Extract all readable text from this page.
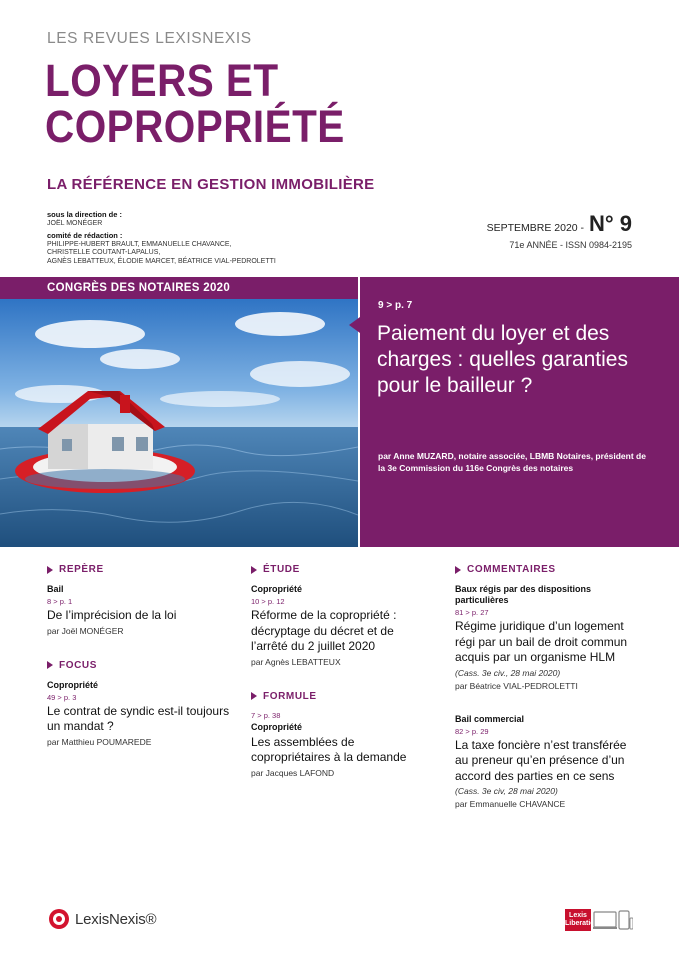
LES REVUES LEXISNEXIS
LOYERS ET
COPROPRIÉTÉ
LA RÉFÉRENCE EN GESTION IMMOBILIÈRE
sous la direction de :
JOËL MONÉGER
comité de rédaction :
PHILIPPE-HUBERT BRAULT, EMMANUELLE CHAVANCE,
CHRISTELLE COUTANT-LAPALUS,
AGNÈS LEBATTEUX, ÉLODIE MARCET, BÉATRICE VIAL-PEDROLETTI
SEPTEMBRE 2020 - N° 9
71e ANNÉE - ISSN 0984-2195
CONGRÈS DES NOTAIRES 2020
9 > p. 7
Paiement du loyer et des charges : quelles garanties pour le bailleur ?
par Anne MUZARD, notaire associée, LBMB Notaires, président de la 3e Commission du 116e Congrès des notaires
REPÈRE
Bail
8 > p. 1
De l’imprécision de la loi
par Joël MONÉGER
FOCUS
Copropriété
49 > p. 3
Le contrat de syndic est-il toujours un mandat ?
par Matthieu POUMAREDE
ÉTUDE
Copropriété
10 > p. 12
Réforme de la copropriété : décryptage du décret et de l’arrêté du 2 juillet 2020
par Agnès LEBATTEUX
FORMULE
7 > p. 38
Copropriété
Les assemblées de copropriétaires à la demande
par Jacques LAFOND
COMMENTAIRES
Baux régis par des dispositions particulières
81 > p. 27
Régime juridique d’un logement régi par un bail de droit commun acquis par un organisme HLM
(Cass. 3e civ., 28 mai 2020)
par Béatrice VIAL-PEDROLETTI
Bail commercial
82 > p. 29
La taxe foncière n’est transférée au preneur qu’en présence d’un accord des parties en ce sens
(Cass. 3e civ, 28 mai 2020)
par Emmanuelle CHAVANCE
LexisNexis®	Lexis Liberation
